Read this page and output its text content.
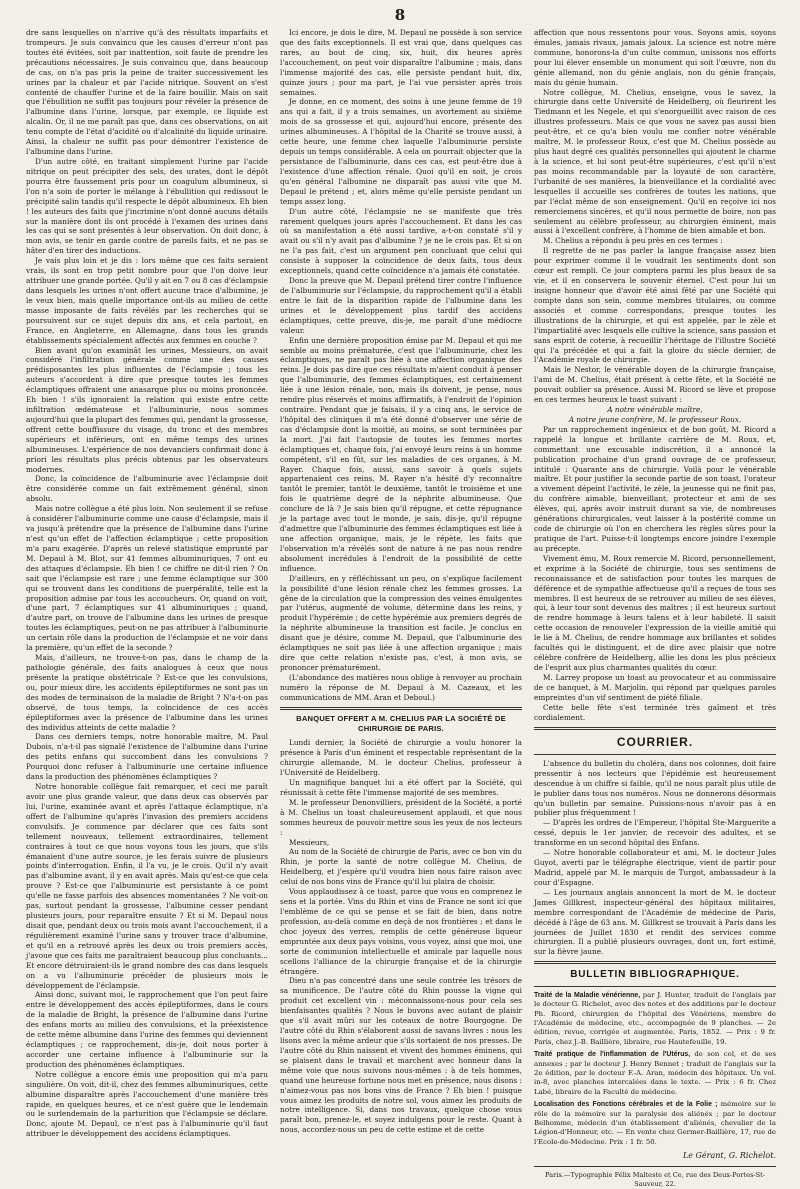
8

dre sans lesquelles on n'arrive qu'à des résultats imparfaits et trompeurs. Je suis convaincu que les causes d'erreur n'ont pas toutes été évitées, soit par inattention, soit faute de prendre les précautions nécessaires. Je suis convaincu que, dans beaucoup de cas, on n'a pas pris la peine de traiter successivement les urines par la chaleur et par l'acide nitrique. Souvent on s'est contenté de chauffer l'urine et de la faire bouillir. Mais on sait que l'ébullition ne suffit pas toujours pour révéler la présence de l'albumine dans l'urine, lorsque, par exemple, ce liquide est alcalin. Or, il ne me paraît pas que, dans ces observations, on ait tenu compte de l'état d'acidité ou d'alcalinité du liquide urinaire. Ainsi, la chaleur ne suffit pas pour démontrer l'existence de l'albumine dans l'urine.

D'un autre côté, en traitant simplement l'urine par l'acide nitrique on peut précipiter des sels, des urates, dont le dépôt pourra être faussement pris pour un coagulum albumineux, si l'on n'a soin de porter le mélange à l'ébullition qui redissout le précipité salin tandis qu'il respecte le dépôt albumineux. Eh bien ! les auteurs des faits que j'incrimine n'ont donné aucuns détails sur la manière dont ils ont procédé à l'examen des urines dans les cas qui se sont présentés à leur observation. On doit donc, à mon avis, se tenir en garde contre de pareils faits, et ne pas se hâter d'en tirer des inductions.

Je vais plus loin et je dis : lors même que ces faits seraient vrais, ils sont en trop petit nombre pour que l'on doive leur attribuer une grande portée. Qu'il y ait en 7 ou 8 cas d'éclampsie dans lesquels les urines n'ont offert aucune trace d'albumine, je le veux bien, mais quelle importance ont-ils au milieu de cette masse imposante de faits révélés par les recherches qui se poursuivent sur ce sujet depuis dix ans, et cela partout, en France, en Angleterre, en Allemagne, dans tous les grands établissements spécialement affectés aux femmes en couche ?

Bien avant qu'on examinât les urines, Messieurs, on avait considéré l'infiltration générale comme une des causes prédisposantes les plus influentes de l'éclampsie ; tous les auteurs s'accordent à dire que presque toutes les femmes éclamptiques offraient une anasarque plus ou moins prononcée. Eh bien ! s'ils ignoraient la relation qui existe entre cette infiltration œdémateuse et l'albuminurie, nous sommes aujourd'hui que la plupart des femmes qui, pendant la grossesse, offrent cette bouffissure du visage, du tronc et des membres supérieurs et inférieurs, ont en même temps des urines albumineuses. L'expérience de nos devanciers confirmait donc à priori les résultats plus précis obtenus par les observateurs modernes.

Donc, la coïncidence de l'albuminurie avec l'éclampsie doit être considérée comme un fait extrêmement général, sinon absolu.

Mais notre collègue a été plus loin. Non seulement il se refuse à considérer l'albuminurie comme une cause d'éclampsie, mais il va jusqu'à prétendre que la présence de l'albumine dans l'urine n'est qu'un effet de l'affection éclamptique ; cette proposition m'a paru exagérée. D'après un relevé statistique emprunté par M. Depaul à M. Blot, sur 41 femmes albuminuriques, 7 ont eu des attaques d'éclampsie. Eh bien ! ce chiffre ne dit-il rien ? On sait que l'éclampsie est rare ; une femme éclamptique sur 300 qui se trouvent dans les conditions de puerpéralité, telle est la proposition admise par tous les accoucheurs. Or, quand on voit, d'une part, 7 éclamptiques sur 41 albuminuriques ; quand, d'autre part, on trouve de l'albumine dans les urines de presque toutes les éclamptiques, peut-on ne pas attribuer à l'albuminurie un certain rôle dans la production de l'éclampsie et ne voir dans la première, qu'un effet de la seconde ?

Mais, d'ailleurs, ne trouve-t-on pas, dans le champ de la pathologie générale, des faits analogues à ceux que nous présente la pratique obstétricale ? Est-ce que les convulsions, ou, pour mieux dire, les accidents épileptiformes ne sont pas un des modes de terminaison de la maladie de Bright ? N'a-t-on pas observé, de tous temps, la coïncidence de ces accès épileptiformes avec la présence de l'albumine dans les urines des individus atteints de cette maladie ?

Dans ces derniers temps, notre honorable maître, M. Paul Dubois, n'a-t-il pas signalé l'existence de l'albumine dans l'urine des petits enfans qui succombent dans les convulsions ? Pourquoi donc refuser à l'albuminurie une certaine influence dans la production des phénomènes éclamptiques ?

Notre honorable collègue fait remarquer, et ceci me paraît avoir une plus grande valeur, que dans deux cas observés par lui, l'urine, examinée avant et après l'attaque éclamptique, n'a offert de l'albumine qu'après l'invasion des premiers accidens convulsifs. Je commence par déclarer que ces faits sont tellement nouveaux, tellement extraordinaires, tellement contraires à tout ce que nous voyons tous les jours, que s'ils émanaient d'une autre source, je les ferais suivre de plusieurs points d'interrogation. Enfin, il l'a vu, je le crois. Qu'il n'y avait pas d'albumine avant, il y en avait après. Mais qu'est-ce que cela prouve ? Est-ce que l'albuminurie est persistante à ce point qu'elle ne fasse parfois des absences momentanées ? Ne voit-on pas, surtout pendant la grossesse, l'albumine cesser pendant plusieurs jours, pour reparaître ensuite ? Et si M. Depaul nous disait que, pendant deux ou trois mois avant l'accouchement, il a régulièrement examiné l'urine sans y trouver trace d'albumine, et qu'il en a retrouvé après les deux ou trois premiers accès, j'avoue que ces faits me paraîtraient beaucoup plus concluants... Et encore détruiraient-ils le grand nombre des cas dans lesquels on a vu l'albuminurie précéder de plusieurs mois le développement de l'éclampsie.

Ainsi donc, suivant moi, le rapprochement que l'on peut faire entre le développement des accès épileptiformes, dans le cours de la maladie de Bright, la présence de l'albumine dans l'urine des enfans morts au milieu des convulsions, et la préexistence de cette même albumine dans l'urine des femmes qui deviennent éclamptiques ; ce rapprochement, dis-je, doit nous porter à accorder une certaine influence à l'albuminurie sur la production des phénomènes éclamptiques.

Notre collègue a encore émis une proposition qui m'a paru singulière. On voit, dit-il, chez des femmes albuminuriques, cette albumine disparaître après l'accouchement d'une manière très rapide, en quelques heures, et ce n'est guère que le lendemain ou le surlendemain de la parturition que l'éclampsie se déclare. Donc, ajoute M. Depaul, ce n'est pas à l'albuminurie qu'il faut attribuer le développement des accidens éclamptiques.

Ici encore, je dois le dire, M. Depaul ne possède à son service que des faits exceptionnels. Il est vrai que, dans quelques cas rares, au bout de cinq, six, huit, dix heures après l'accouchement, on peut voir disparaître l'albumine ; mais, dans l'immense majorité des cas, elle persiste pendant huit, dix, quinze jours ; pour ma part, je l'ai vue persister après trois semaines.

Je donne, en ce moment, des soins à une jeune femme de 19 ans qui a fait, il y a trois semaines, un avortement au sixième mois de sa grossesse et qui, aujourd'hui encore, présente des urines albumineuses. A l'hôpital de la Charité se trouve aussi, à cette heure, une femme chez laquelle l'albuminurie persiste depuis un temps considérable. A cela on pourrait objecter que la persistance de l'albuminurie, dans ces cas, est peut-être due à l'existence d'une affection rénale. Quoi qu'il en soit, je crois qu'en général l'albumine ne disparaît pas aussi vite que M. Depaul le prétend ; et, alors même qu'elle persiste pendant un temps assez long.

D'un autre côté, l'éclampsie ne se manifeste que très rarement quelques jours après l'accouchement. Et dans les cas où sa manifestation a été aussi tardive, a-t-on constaté s'il y avait ou s'il n'y avait pas d'albumine ? je ne le crois pas. Et si on ne l'a pas fait, c'est un argument pen concluant que celui qui consiste à supposer la coïncidence de deux faits, tous deux exceptionnels, quand cette coïncidence n'a jamais été constatée.

Donc la preuve que M. Depaul prétend tirer contre l'influence de l'albuminurie sur l'éclampsie, du rapprochement qu'il a établi entre le fait de la disparition rapide de l'albumine dans les urines et le développement plus tardif des accidens éclamptiques, cette preuve, dis-je, me paraît d'une médiocre valeur.

Enfin une dernière proposition émise par M. Depaul et qui me semble au moins prématurée, c'est que l'albuminurie, chez les éclamptiques, ne paraît pas liée à une affection organique des reins. Je dois pas dire que ces résultats m'aient conduit à penser que l'albuminurie, des femmes éclamptiques, est certainement liée à une lésion rénale, non, mais ils doivent, je pense, nous rendre plus réservés et moins affirmatifs, à l'endroit de l'opinion contraire. Pendant que je faisais, il y a cinq ans, le service de l'hôpital des cliniques il m'a été donné d'observer une série de cas d'éclampsie dont la moitié, au moins, se sont terminées par la mort. J'ai fait l'autopsie de toutes les femmes mortes éclamptiques et, chaque fois, j'ai envoyé leurs reins à un homme compétent, s'il en fût, sur les maladies de ces organes, à M. Rayer. Chaque fois, aussi, sans savoir à quels sujets appartenaient ces reins, M. Rayer n'a hésité d'y reconnaître tantôt le premier, tantôt le deuxième, tantôt le troisième et une fois le quatrième degré de la néphrite albumineuse. Que conclure de là ? Je sais bien qu'il répugne, et cette répugnance je la partage avec tout le monde, je sais, dis-je, qu'il répugne d'admettre que l'albuminurie des femmes éclamptiques est liée à une affection organique, mais, je le répète, les faits que l'observation m'a révélés sont de nature à ne pas nous rendre absolument incrédules à l'endroit de la possibilité de cette influence.

D'ailleurs, en y réfléchissant un peu, on s'explique facilement la possibilité d'une lésion rénale chez les femmes grosses. La gêne de la circulation que la compression des veines émulgentes par l'utérus, augmenté de volume, détermine dans les reins, y produit l'hypérémie ; de cette hypérémie aux premiers degrés de la néphrite albumineuse la transition est facile. Je conclus en disant que je désire, comme M. Depaul, que l'albuminurie des éclamptiques ne soit pas liée à une affection organique ; mais dire que cette relation n'existe pas, c'est, à mon avis, se prononcer prématurément.

(L'abondance des matières nous oblige à renvoyer au prochain numéro la réponse de M. Depaul à M. Cazeaux, et les communications de MM. Aran et Deboul.)

BANQUET OFFERT A M. CHELIUS PAR LA SOCIÉTÉ DE CHIRURGIE DE PARIS.

Lundi dernier, la Société de chirurgie a voulu honorer la présence à Paris d'un éminent et respectable représentant de la chirurgie allemande, M. le docteur Chelius, professeur à l'Université de Heidelberg.

Un magnifique banquet lui a été offert par la Société, qui réunissait à cette fête l'immense majorité de ses membres.

M. le professeur Denonvilliers, président de la Société, a porté à M. Chelius un toast chaleureusement applaudi, et que nous sommes heureux de pouvoir mettre sous les yeux de nos lecteurs :

Messieurs,

Au nom de la Société de chirurgie de Paris, avec ce bon vin du Rhin, je porte la santé de notre collègue M. Chelius, de Heidelberg, et j'espère qu'il voudra bien nous faire raison avec celui de nos bons vins de France qu'il lui plaira de choisir.

Vous applaudissez à ce toast, parce que vous en comprenez le sens et la portée. Vins du Rhin et vins de France ne sont ici que l'emblème de ce qui se pense et se fait de bien, dans notre profession, au-delà comme en deçà de nos frontières ; et dans le choc joyeux des verres, remplis de cette généreuse liqueur empruntée aux deux pays voisins, vous voyez, ainsi que moi, une sorte de communion intellectuelle et amicale par laquelle nous scellons l'alliance de la chirurgie française et de la chirurgie étrangère.

Dieu n'a pas concentré dans une seule contrée les trésors de sa munificence. De l'autre côté du Rhin pousse la vigne qui produit cet excellent vin : méconnaissons-nous pour cela ses bienfaisantes qualités ? Nous le buvons avec autant de plaisir que s'il avait mûri sur les coteaux de notre Bourgogne. De l'autre côté du Rhin s'élaborent aussi de savans livres : nous les lisons avec la même ardeur que s'ils sortaient de nos presses. De l'autre côté du Rhin naissent et vivent des hommes éminens, qui se plaisent dans le travail et marchent avec honneur dans la même voie que nous suivons nous-mêmes : à de tels hommes, quand une heureuse fortune nous met en présence, nous disons : n'aimez-vous pas nos bons vins de France ? Eh bien ! puisque vous aimez les produits de notre sol, vous aimez les produits de notre intelligence. Si, dans nos travaux, quelque chose vous paraît bon, prenez-le, et soyez indulgens pour le reste. Quant à nous, accordez-nous un peu de cette estime et de cette

affection que nous ressentons pour vous. Soyons amis, soyons émules, jamais rivaux, jamais jaloux. La science est notre mère commune, honorons-la d'un culte commun, unissons nos efforts pour lui élever ensemble un monument qui soit l'œuvre, non du génie allemand, non du génie anglais, non du génie français, mais du génie humain.

Notre collègue, M. Chelius, enseigne, vous le savez, la chirurgie dans cette Université de Heidelberg, où fleurirent les Tiedmann et les Negele, et qui s'enorgueillit avec raison de ces illustres professeurs. Mais ce que vous ne savez pas aussi bien peut-être, et ce qu'a bien voulu me confier notre vénérable maître, M. le professeur Roux, c'est que M. Chelius possède au plus haut degré ces qualités personnelles qui ajoutent le charme à la science, et lui sont peut-être supérieures, c'est qu'il n'est pas moins recommandable par la loyauté de son caractère, l'urbanité de ses manières, la bienveillance et la cordialité avec lesquelles il accueille ses confrères de toutes les nations, que par l'éclat même de son enseignement. Qu'il en reçoive ici nos remerciemens sincères, et qu'il nous permette de boire, non pas seulement au célèbre professeur, au chirurgien éminent, mais aussi à l'excellent confrère, à l'homme de bien aimable et bon.

M. Chelius a répondu à peu près en ces termes :

Il regrette de ne pas parler la langue française assez bien pour exprimer comme il le voudrait les sentiments dont son cœur est rempli. Ce jour comptera parmi les plus beaux de sa vie, et il en conservera le souvenir éternel. C'est pour lui un insigne honneur que d'avoir été ainsi fêté par une Société qui compte dans son sein, comme membres titulaires, ou comme associés et comme correspondans, presque toutes les illustrations de la chirurgie, et qui est appelée, par le zèle et l'impartialité avec lesquels elle cultive la science, sans passion et sans esprit de coterie, à recueillir l'héritage de l'illustre Société qui l'a précédée et qui a fait la gloire du siècle dernier, de l'Académie royale de chirurgie.

Mais le Nestor, le vénérable doyen de la chirurgie française, l'ami de M. Chelius, était présent à cette fête, et la Société ne pouvait oublier sa présence. Aussi M. Ricord se lève et propose en ces termes heureux le toast suivant :

A notre vénérable maître,

A notre jeune confrère, M. le professeur Roux.

Par un rapprochement ingénieux et de bon goût, M. Ricord a rappelé la longue et brillante carrière de M. Roux, et, commettant une excusable indiscrétion, il a annoncé la publication prochaine d'un grand ouvrage de ce professeur, intitulé : Quarante ans de chirurgie. Voilà pour le vénérable maître. Et pour justifier la seconde partie de son toast, l'orateur a vivement dépeint l'activité, le zèle, la jeunesse qui ne finit pas, du confrère aimable, bienveillant, protecteur et ami de ses élèves, qui, après avoir instruit durant sa vie, de nombreuses générations chirurgicales, veut laisser à la postérité comme un code de chirurgie où l'on en cherchera les règles sûres pour la pratique de l'art. Puisse-t-il longtemps encore joindre l'exemple au précepte.

Vivement ému, M. Roux remercie M. Ricord, personnellement, et exprime à la Société de chirurgie, tous ses sentimens de reconnaissance et de satisfaction pour toutes les marques de déférence et de sympathie affectueuse qu'il a reçues de tous ses membres. Il est heureux de se retrouver au milieu de ses élèves, qui, à leur tour sont devenus des maîtres ; il est heureux surtout de rendre hommage à leurs talens et à leur habileté. Il saisit cette occasion de renouveler l'expression de la vieille amitié qui le lie à M. Chelius, de rendre hommage aux brillantes et solides facultés qui le distinguent, et de dire avec plaisir que notre célèbre confrère de Heidelberg, allie les dons les plus précieux de l'esprit aux plus charmantes qualités du cœur.

M. Larrey propose un toast au provocateur et au commissaire de ce banquet, à M. Marjolin, qui répond par quelques paroles empreintes d'un vif sentiment de piété filiale.

Cette belle fête s'est terminée très gaîment et très cordialement.

COURRIER.

L'absence du bulletin du choléra, dans nos colonnes, doit faire pressentir à nos lecteurs que l'épidémie est heureusement descendue à un chiffre si faible, qu'il ne nous paraît plus utile de le publier dans tous nos numéros. Nous ne donnerons désormais qu'un bulletin par semaine. Puissions-nous n'avoir pas à en publier plus fréquemment !

— D'après les ordres de l'Empereur, l'hôpital Ste-Marguerite a cessé, depuis le 1er janvier, de recevoir des adultes, et se transforme en un second hôpital des Enfans.

— Notre honorable collaborateur et ami, M. le docteur Jules Guyot, averti par le télégraphe électrique, vient de partir pour Madrid, appelé par M. le marquis de Turgot, ambassadeur à la cour d'Espagne.

— Les journaux anglais annoncent la mort de M. le docteur James Gillkrest, inspecteur-général des hôpitaux militaires, membre correspondant de l'Académie de médecine de Paris, décédé à l'âge de 63 ans. M. Gillkrest se trouvait à Paris dans les journées de Juillet 1830 et rendit des services comme chirurgien. Il a publié plusieurs ouvrages, dont un, fort estimé, sur la fièvre jaune.

BULLETIN BIBLIOGRAPHIQUE.

Traité de la Maladie vénérienne, par J. Hunter, traduit de l'anglais par le docteur G. Richelot, avec des notes et des additions par le docteur Ph. Ricord, chirurgien de l'hôpital des Vénériens, membre de l'Académie de médecine, etc., accompagnée de 9 planches. — 2e édition, revue, corrigée et augmentée. Paris, 1852. — Prix : 9 fr. Paris, chez J.-B. Baillière, libraire, rue Hautefeuille, 19.

Traité pratique de l'inflammation de l'Utérus, de son col, et de ses annexes ; par le docteur J. Henry Bennet ; traduit de l'anglais sur la 2e édition, par le docteur F.-A. Aran, médecin des hôpitaux. Un vol. in-8, avec planches intercalées dans le texte. — Prix : 6 fr. Chez Labé, libraire de la Faculté de médecine.

Localisation des Fonctions cérébrales et de la Folie ; mémoire sur le rôle de la mémoire sur la paralysie des aliénés ; par le docteur Belhomme, médecin d'un établissement d'aliénés, chevalier de la Légion-d'Honneur, etc. — En vente chez Germer-Baillière, 17, rue de l'Ecole-de-Médecine. Prix : 1 fr. 50.

Le Gérant, G. Richelot.
Paris.—Typographie Félix Malteste et Ce, rue des Deux-Portes-St-Sauveur, 22.
